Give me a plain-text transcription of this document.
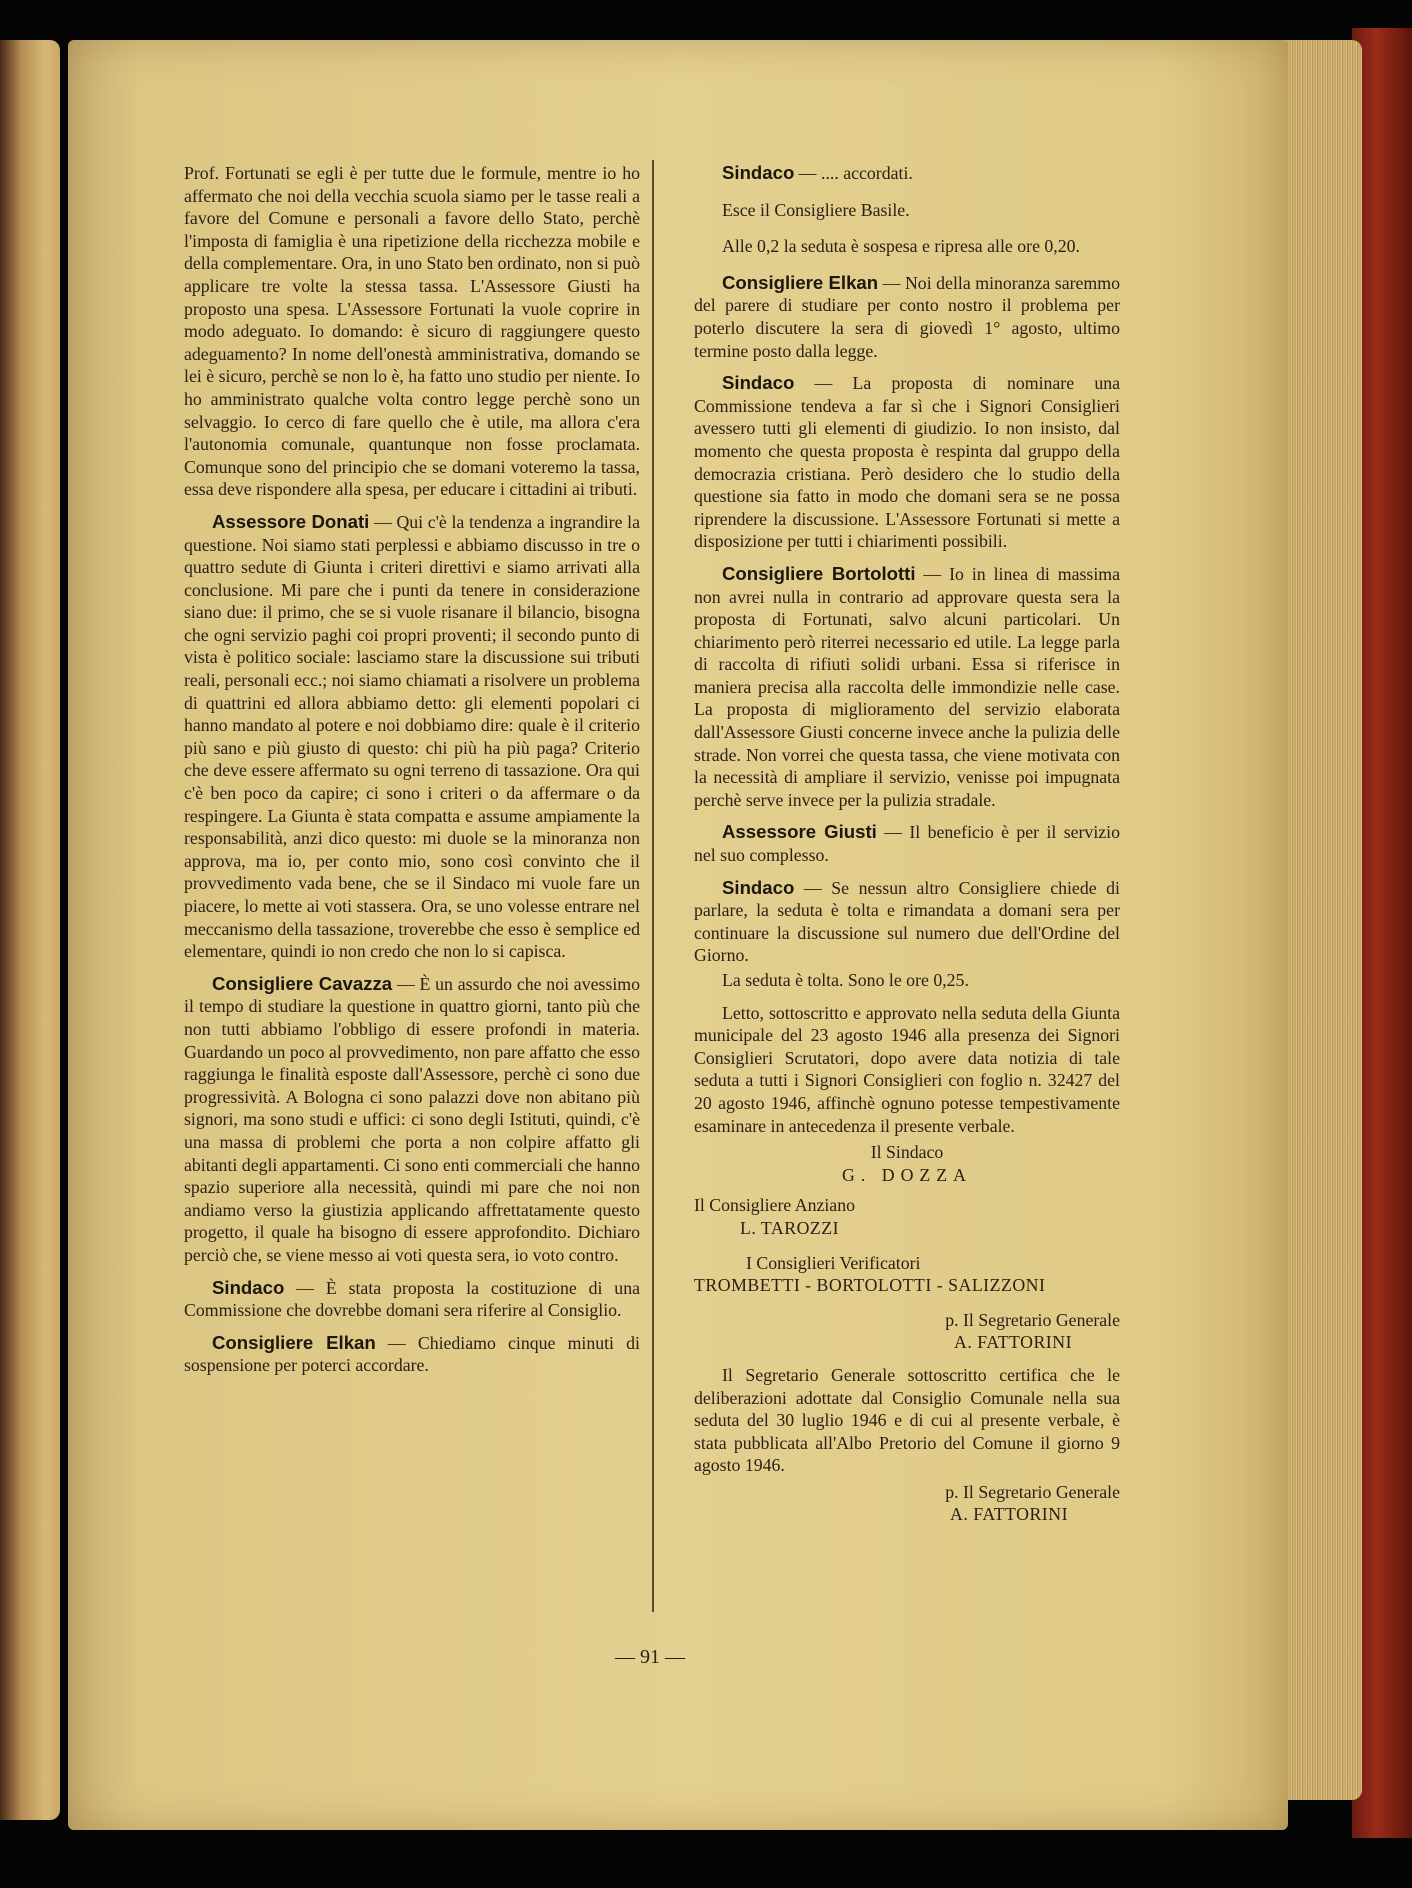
Prof. Fortunati se egli è per tutte due le formule, mentre io ho affermato che noi della vecchia scuola siamo per le tasse reali a favore del Comune e personali a favore dello Stato, perchè l'imposta di famiglia è una ripetizione della ricchezza mobile e della complementare. Ora, in uno Stato ben ordinato, non si può applicare tre volte la stessa tassa. L'Assessore Giusti ha proposto una spesa. L'Assessore Fortunati la vuole coprire in modo adeguato. Io domando: è sicuro di raggiungere questo adeguamento? In nome dell'onestà amministrativa, domando se lei è sicuro, perchè se non lo è, ha fatto uno studio per niente. Io ho amministrato qualche volta contro legge perchè sono un selvaggio. Io cerco di fare quello che è utile, ma allora c'era l'autonomia comunale, quantunque non fosse proclamata. Comunque sono del principio che se domani voteremo la tassa, essa deve rispondere alla spesa, per educare i cittadini ai tributi.

Assessore Donati — Qui c'è la tendenza a ingrandire la questione. Noi siamo stati perplessi e abbiamo discusso in tre o quattro sedute di Giunta i criteri direttivi e siamo arrivati alla conclusione. Mi pare che i punti da tenere in considerazione siano due: il primo, che se si vuole risanare il bilancio, bisogna che ogni servizio paghi coi propri proventi; il secondo punto di vista è politico sociale: lasciamo stare la discussione sui tributi reali, personali ecc.; noi siamo chiamati a risolvere un problema di quattrini ed allora abbiamo detto: gli elementi popolari ci hanno mandato al potere e noi dobbiamo dire: quale è il criterio più sano e più giusto di questo: chi più ha più paga? Criterio che deve essere affermato su ogni terreno di tassazione. Ora qui c'è ben poco da capire; ci sono i criteri o da affermare o da respingere. La Giunta è stata compatta e assume ampiamente la responsabilità, anzi dico questo: mi duole se la minoranza non approva, ma io, per conto mio, sono così convinto che il provvedimento vada bene, che se il Sindaco mi vuole fare un piacere, lo mette ai voti stassera. Ora, se uno volesse entrare nel meccanismo della tassazione, troverebbe che esso è semplice ed elementare, quindi io non credo che non lo si capisca.

Consigliere Cavazza — È un assurdo che noi avessimo il tempo di studiare la questione in quattro giorni, tanto più che non tutti abbiamo l'obbligo di essere profondi in materia. Guardando un poco al provvedimento, non pare affatto che esso raggiunga le finalità esposte dall'Assessore, perchè ci sono due progressività. A Bologna ci sono palazzi dove non abitano più signori, ma sono studi e uffici: ci sono degli Istituti, quindi, c'è una massa di problemi che porta a non colpire affatto gli abitanti degli appartamenti. Ci sono enti commerciali che hanno spazio superiore alla necessità, quindi mi pare che noi non andiamo verso la giustizia applicando affrettatamente questo progetto, il quale ha bisogno di essere approfondito. Dichiaro perciò che, se viene messo ai voti questa sera, io voto contro.

Sindaco — È stata proposta la costituzione di una Commissione che dovrebbe domani sera riferire al Consiglio.

Consigliere Elkan — Chiediamo cinque minuti di sospensione per poterci accordare.

Sindaco — .... accordati.

Esce il Consigliere Basile.

Alle 0,2 la seduta è sospesa e ripresa alle ore 0,20.

Consigliere Elkan — Noi della minoranza saremmo del parere di studiare per conto nostro il problema per poterlo discutere la sera di giovedì 1° agosto, ultimo termine posto dalla legge.

Sindaco — La proposta di nominare una Commissione tendeva a far sì che i Signori Consiglieri avessero tutti gli elementi di giudizio. Io non insisto, dal momento che questa proposta è respinta dal gruppo della democrazia cristiana. Però desidero che lo studio della questione sia fatto in modo che domani sera se ne possa riprendere la discussione. L'Assessore Fortunati si mette a disposizione per tutti i chiarimenti possibili.

Consigliere Bortolotti — Io in linea di massima non avrei nulla in contrario ad approvare questa sera la proposta di Fortunati, salvo alcuni particolari. Un chiarimento però riterrei necessario ed utile. La legge parla di raccolta di rifiuti solidi urbani. Essa si riferisce in maniera precisa alla raccolta delle immondizie nelle case. La proposta di miglioramento del servizio elaborata dall'Assessore Giusti concerne invece anche la pulizia delle strade. Non vorrei che questa tassa, che viene motivata con la necessità di ampliare il servizio, venisse poi impugnata perchè serve invece per la pulizia stradale.

Assessore Giusti — Il beneficio è per il servizio nel suo complesso.

Sindaco — Se nessun altro Consigliere chiede di parlare, la seduta è tolta e rimandata a domani sera per continuare la discussione sul numero due dell'Ordine del Giorno.

La seduta è tolta. Sono le ore 0,25.

Letto, sottoscritto e approvato nella seduta della Giunta municipale del 23 agosto 1946 alla presenza dei Signori Consiglieri Scrutatori, dopo avere data notizia di tale seduta a tutti i Signori Consiglieri con foglio n. 32427 del 20 agosto 1946, affinchè ognuno potesse tempestivamente esaminare in antecedenza il presente verbale.

Il Sindaco

G. DOZZA

Il Consigliere Anziano

L. TAROZZI

I Consiglieri Verificatori

TROMBETTI - BORTOLOTTI - SALIZZONI

p. Il Segretario Generale

A. FATTORINI

Il Segretario Generale sottoscritto certifica che le deliberazioni adottate dal Consiglio Comunale nella sua seduta del 30 luglio 1946 e di cui al presente verbale, è stata pubblicata all'Albo Pretorio del Comune il giorno 9 agosto 1946.

p. Il Segretario Generale

A. FATTORINI

— 91 —
